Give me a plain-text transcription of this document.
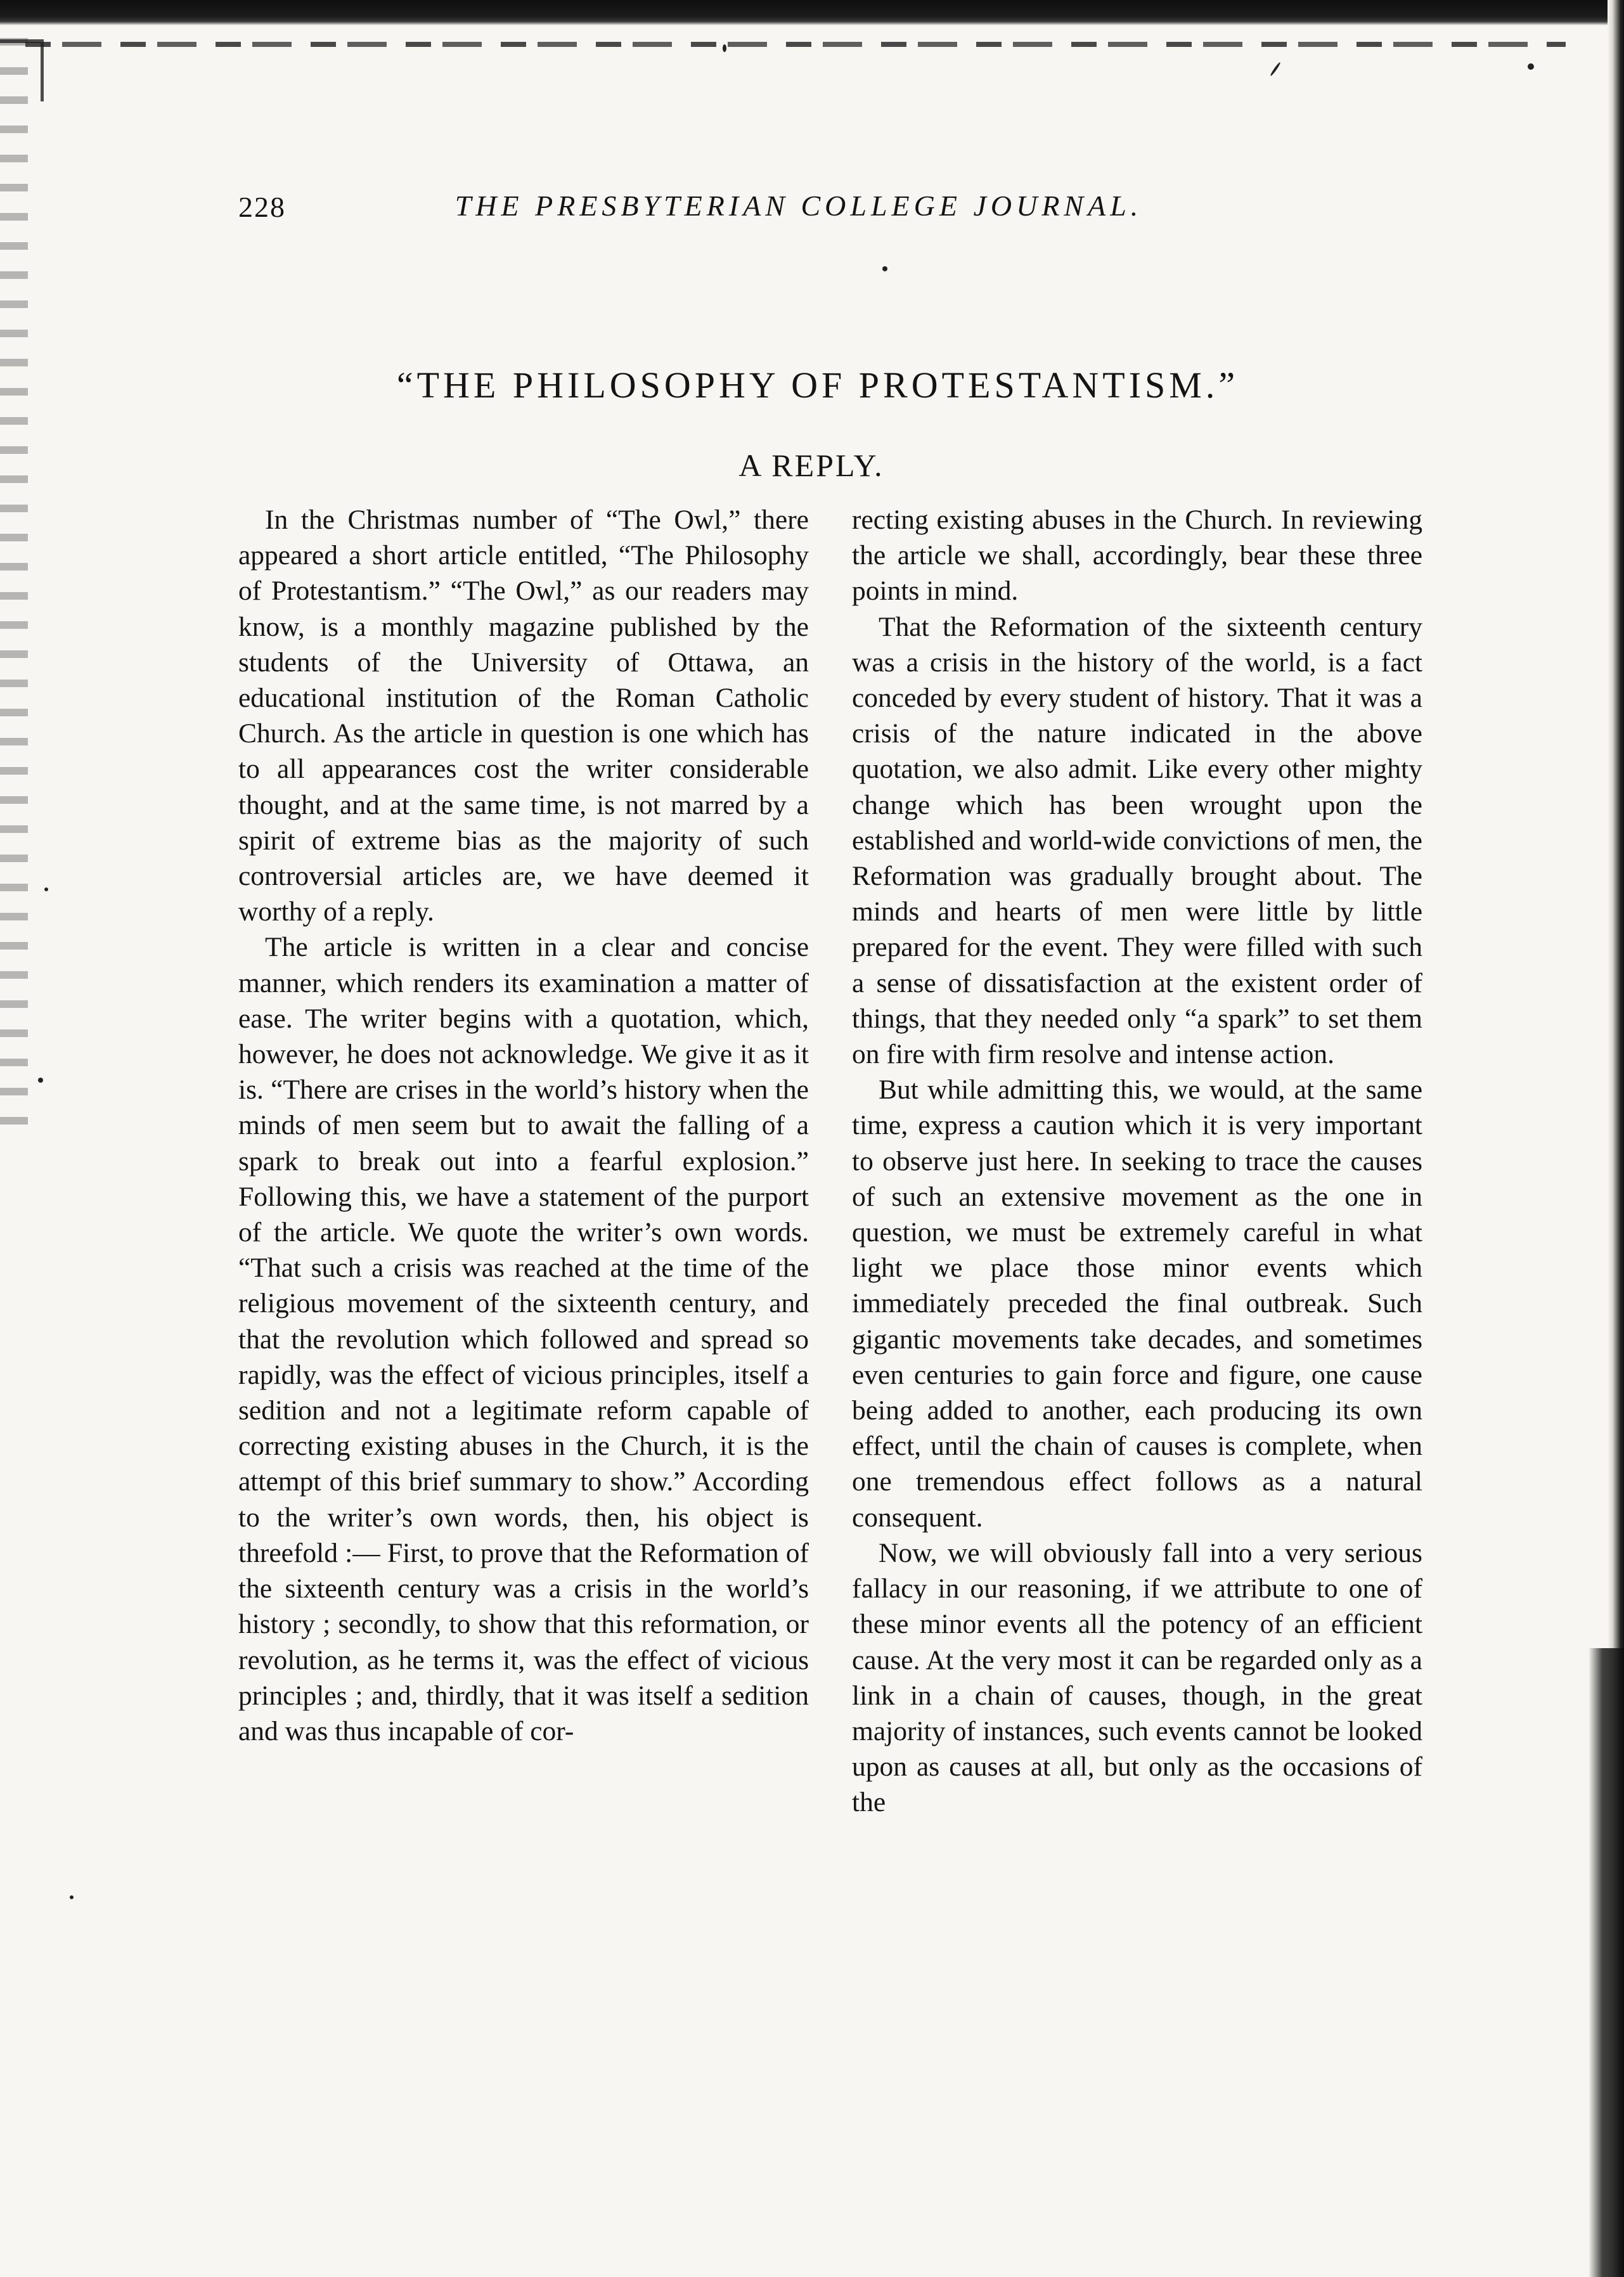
228	THE PRESBYTERIAN COLLEGE JOURNAL.
“THE PHILOSOPHY OF PROTESTANTISM.”
A REPLY.

In the Christmas number of “The Owl,” there appeared a short article entitled, “The Philosophy of Protestantism.” “The Owl,” as our readers may know, is a monthly magazine published by the students of the University of Ottawa, an educational institution of the Roman Catholic Church. As the article in question is one which has to all appearances cost the writer considerable thought, and at the same time, is not marred by a spirit of extreme bias as the majority of such controversial articles are, we have deemed it worthy of a reply.

The article is written in a clear and concise manner, which renders its examination a matter of ease. The writer begins with a quotation, which, however, he does not acknowledge. We give it as it is. “There are crises in the world’s history when the minds of men seem but to await the falling of a spark to break out into a fearful explosion.” Following this, we have a statement of the purport of the article. We quote the writer’s own words. “That such a crisis was reached at the time of the religious movement of the sixteenth century, and that the revolution which followed and spread so rapidly, was the effect of vicious principles, itself a sedition and not a legitimate reform capable of correcting existing abuses in the Church, it is the attempt of this brief summary to show.” According to the writer’s own words, then, his object is threefold :— First, to prove that the Reformation of the sixteenth century was a crisis in the world’s history ; secondly, to show that this reformation, or revolution, as he terms it, was the effect of vicious principles ; and, thirdly, that it was itself a sedition and was thus incapable of cor-

recting existing abuses in the Church. In reviewing the article we shall, accordingly, bear these three points in mind.

That the Reformation of the sixteenth century was a crisis in the history of the world, is a fact conceded by every student of history. That it was a crisis of the nature indicated in the above quotation, we also admit. Like every other mighty change which has been wrought upon the established and world-wide convictions of men, the Reformation was gradually brought about. The minds and hearts of men were little by little prepared for the event. They were filled with such a sense of dissatisfaction at the existent order of things, that they needed only “a spark” to set them on fire with firm resolve and intense action.

But while admitting this, we would, at the same time, express a caution which it is very important to observe just here. In seeking to trace the causes of such an extensive movement as the one in question, we must be extremely careful in what light we place those minor events which immediately preceded the final outbreak. Such gigantic movements take decades, and sometimes even centuries to gain force and figure, one cause being added to another, each producing its own effect, until the chain of causes is complete, when one tremendous effect follows as a natural consequent.

Now, we will obviously fall into a very serious fallacy in our reasoning, if we attribute to one of these minor events all the potency of an efficient cause. At the very most it can be regarded only as a link in a chain of causes, though, in the great majority of instances, such events cannot be looked upon as causes at all, but only as the occasions of the
